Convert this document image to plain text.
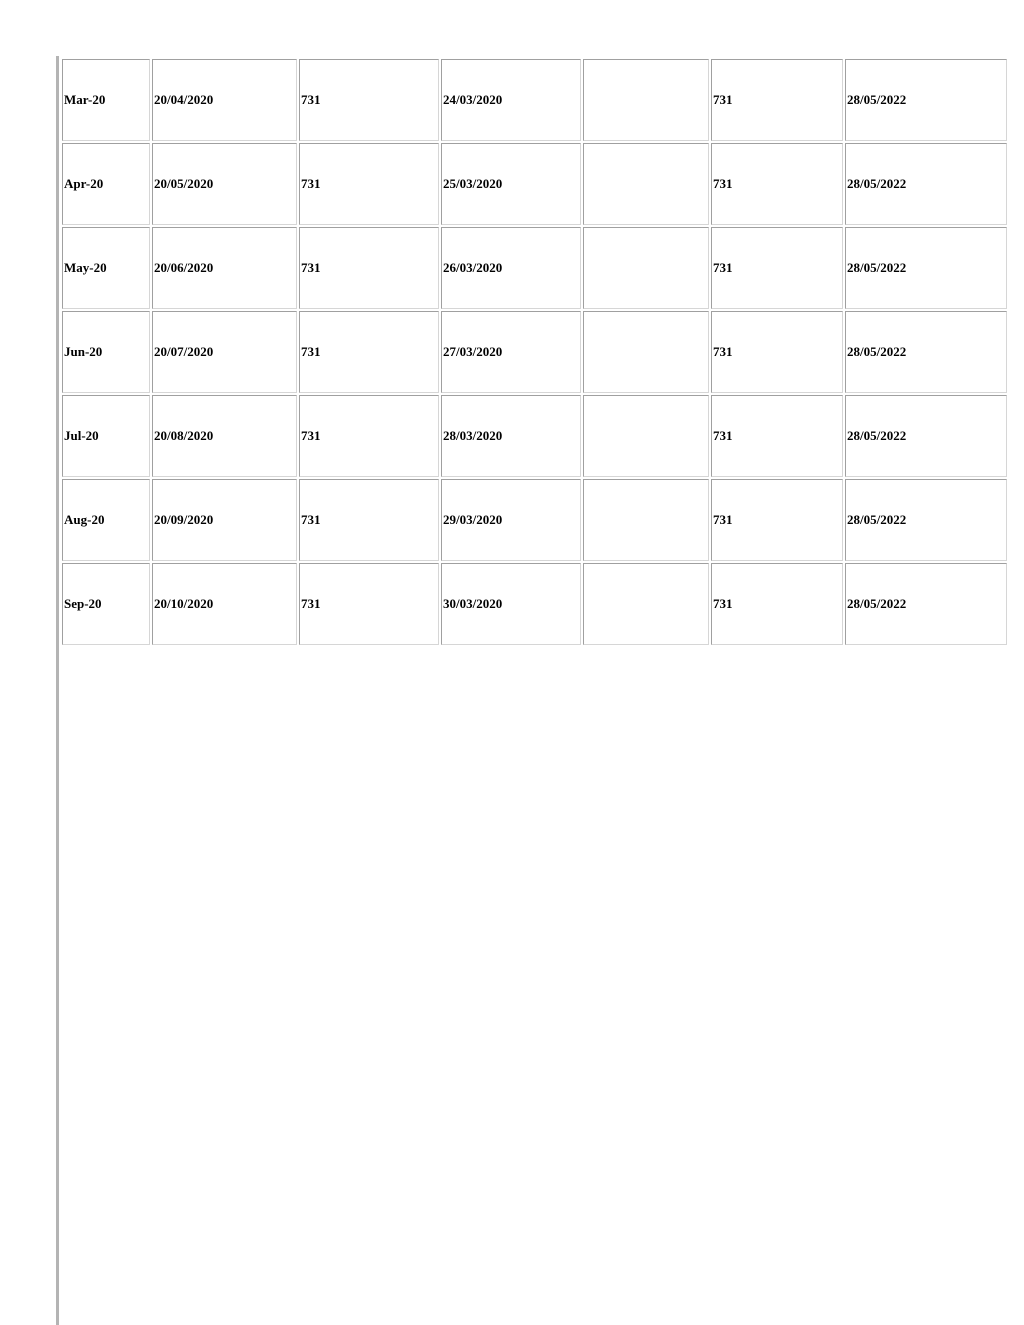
Mar-20	20/04/2020	731	24/03/2020		731	28/05/2022
Apr-20	20/05/2020	731	25/03/2020		731	28/05/2022
May-20	20/06/2020	731	26/03/2020		731	28/05/2022
Jun-20	20/07/2020	731	27/03/2020		731	28/05/2022
Jul-20	20/08/2020	731	28/03/2020		731	28/05/2022
Aug-20	20/09/2020	731	29/03/2020		731	28/05/2022
Sep-20	20/10/2020	731	30/03/2020		731	28/05/2022
